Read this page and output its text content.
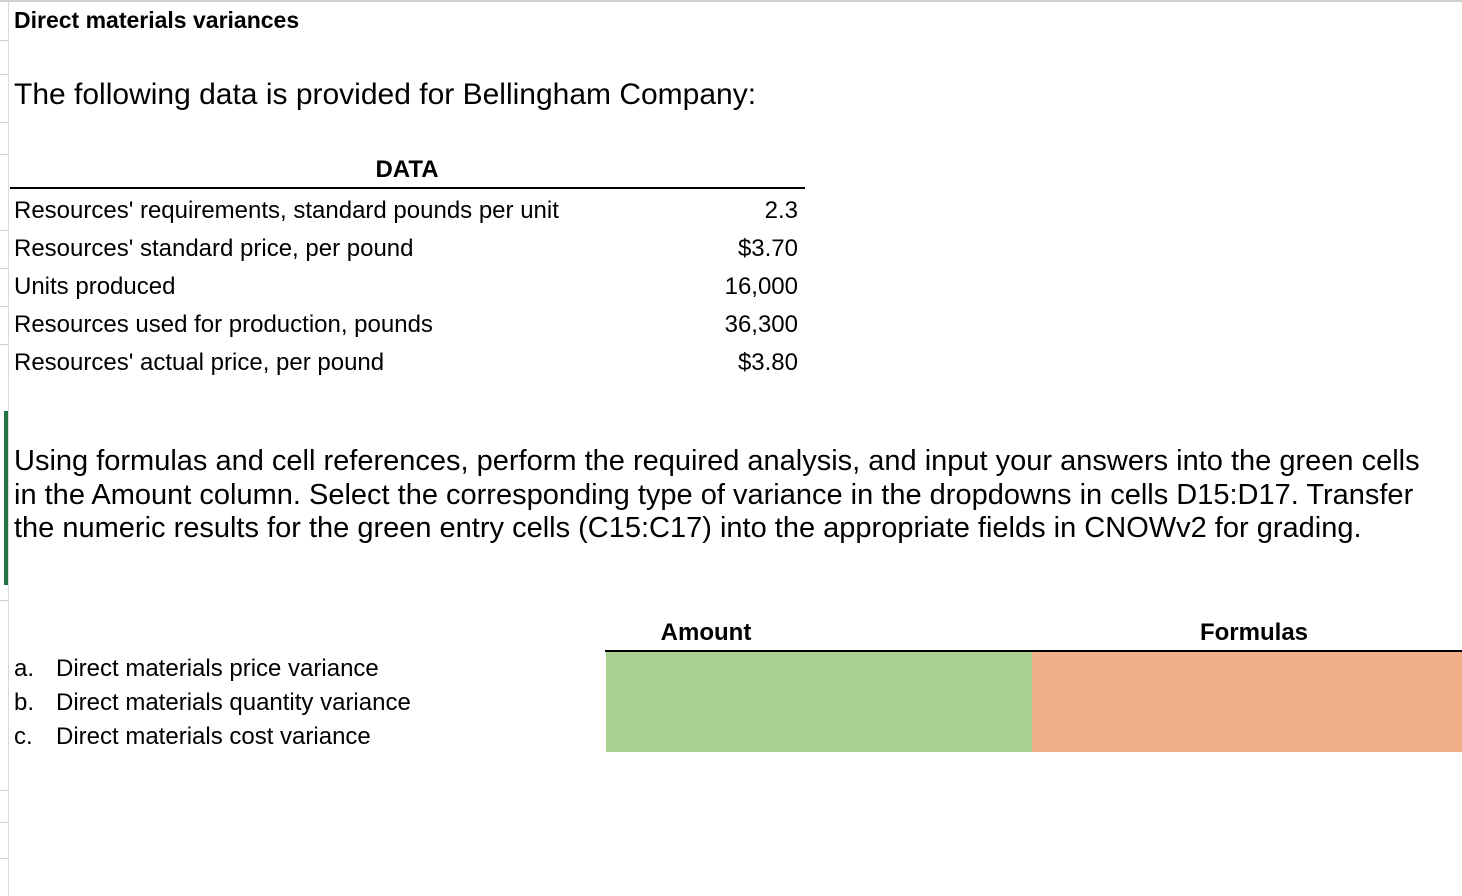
Direct materials variances
The following data is provided for Bellingham Company:
DATA
Resources' requirements, standard pounds per unit	2.3
Resources' standard price, per pound	$3.70
Units produced	16,000
Resources used for production, pounds	36,300
Resources' actual price, per pound	$3.80
Using formulas and cell references, perform the required analysis, and input your answers into the green cells
in the Amount column. Select the corresponding type of variance in the dropdowns in cells D15:D17. Transfer
the numeric results for the green entry cells (C15:C17) into the appropriate fields in CNOWv2 for grading.
Amount	Formulas
a. Direct materials price variance
b. Direct materials quantity variance
c. Direct materials cost variance
